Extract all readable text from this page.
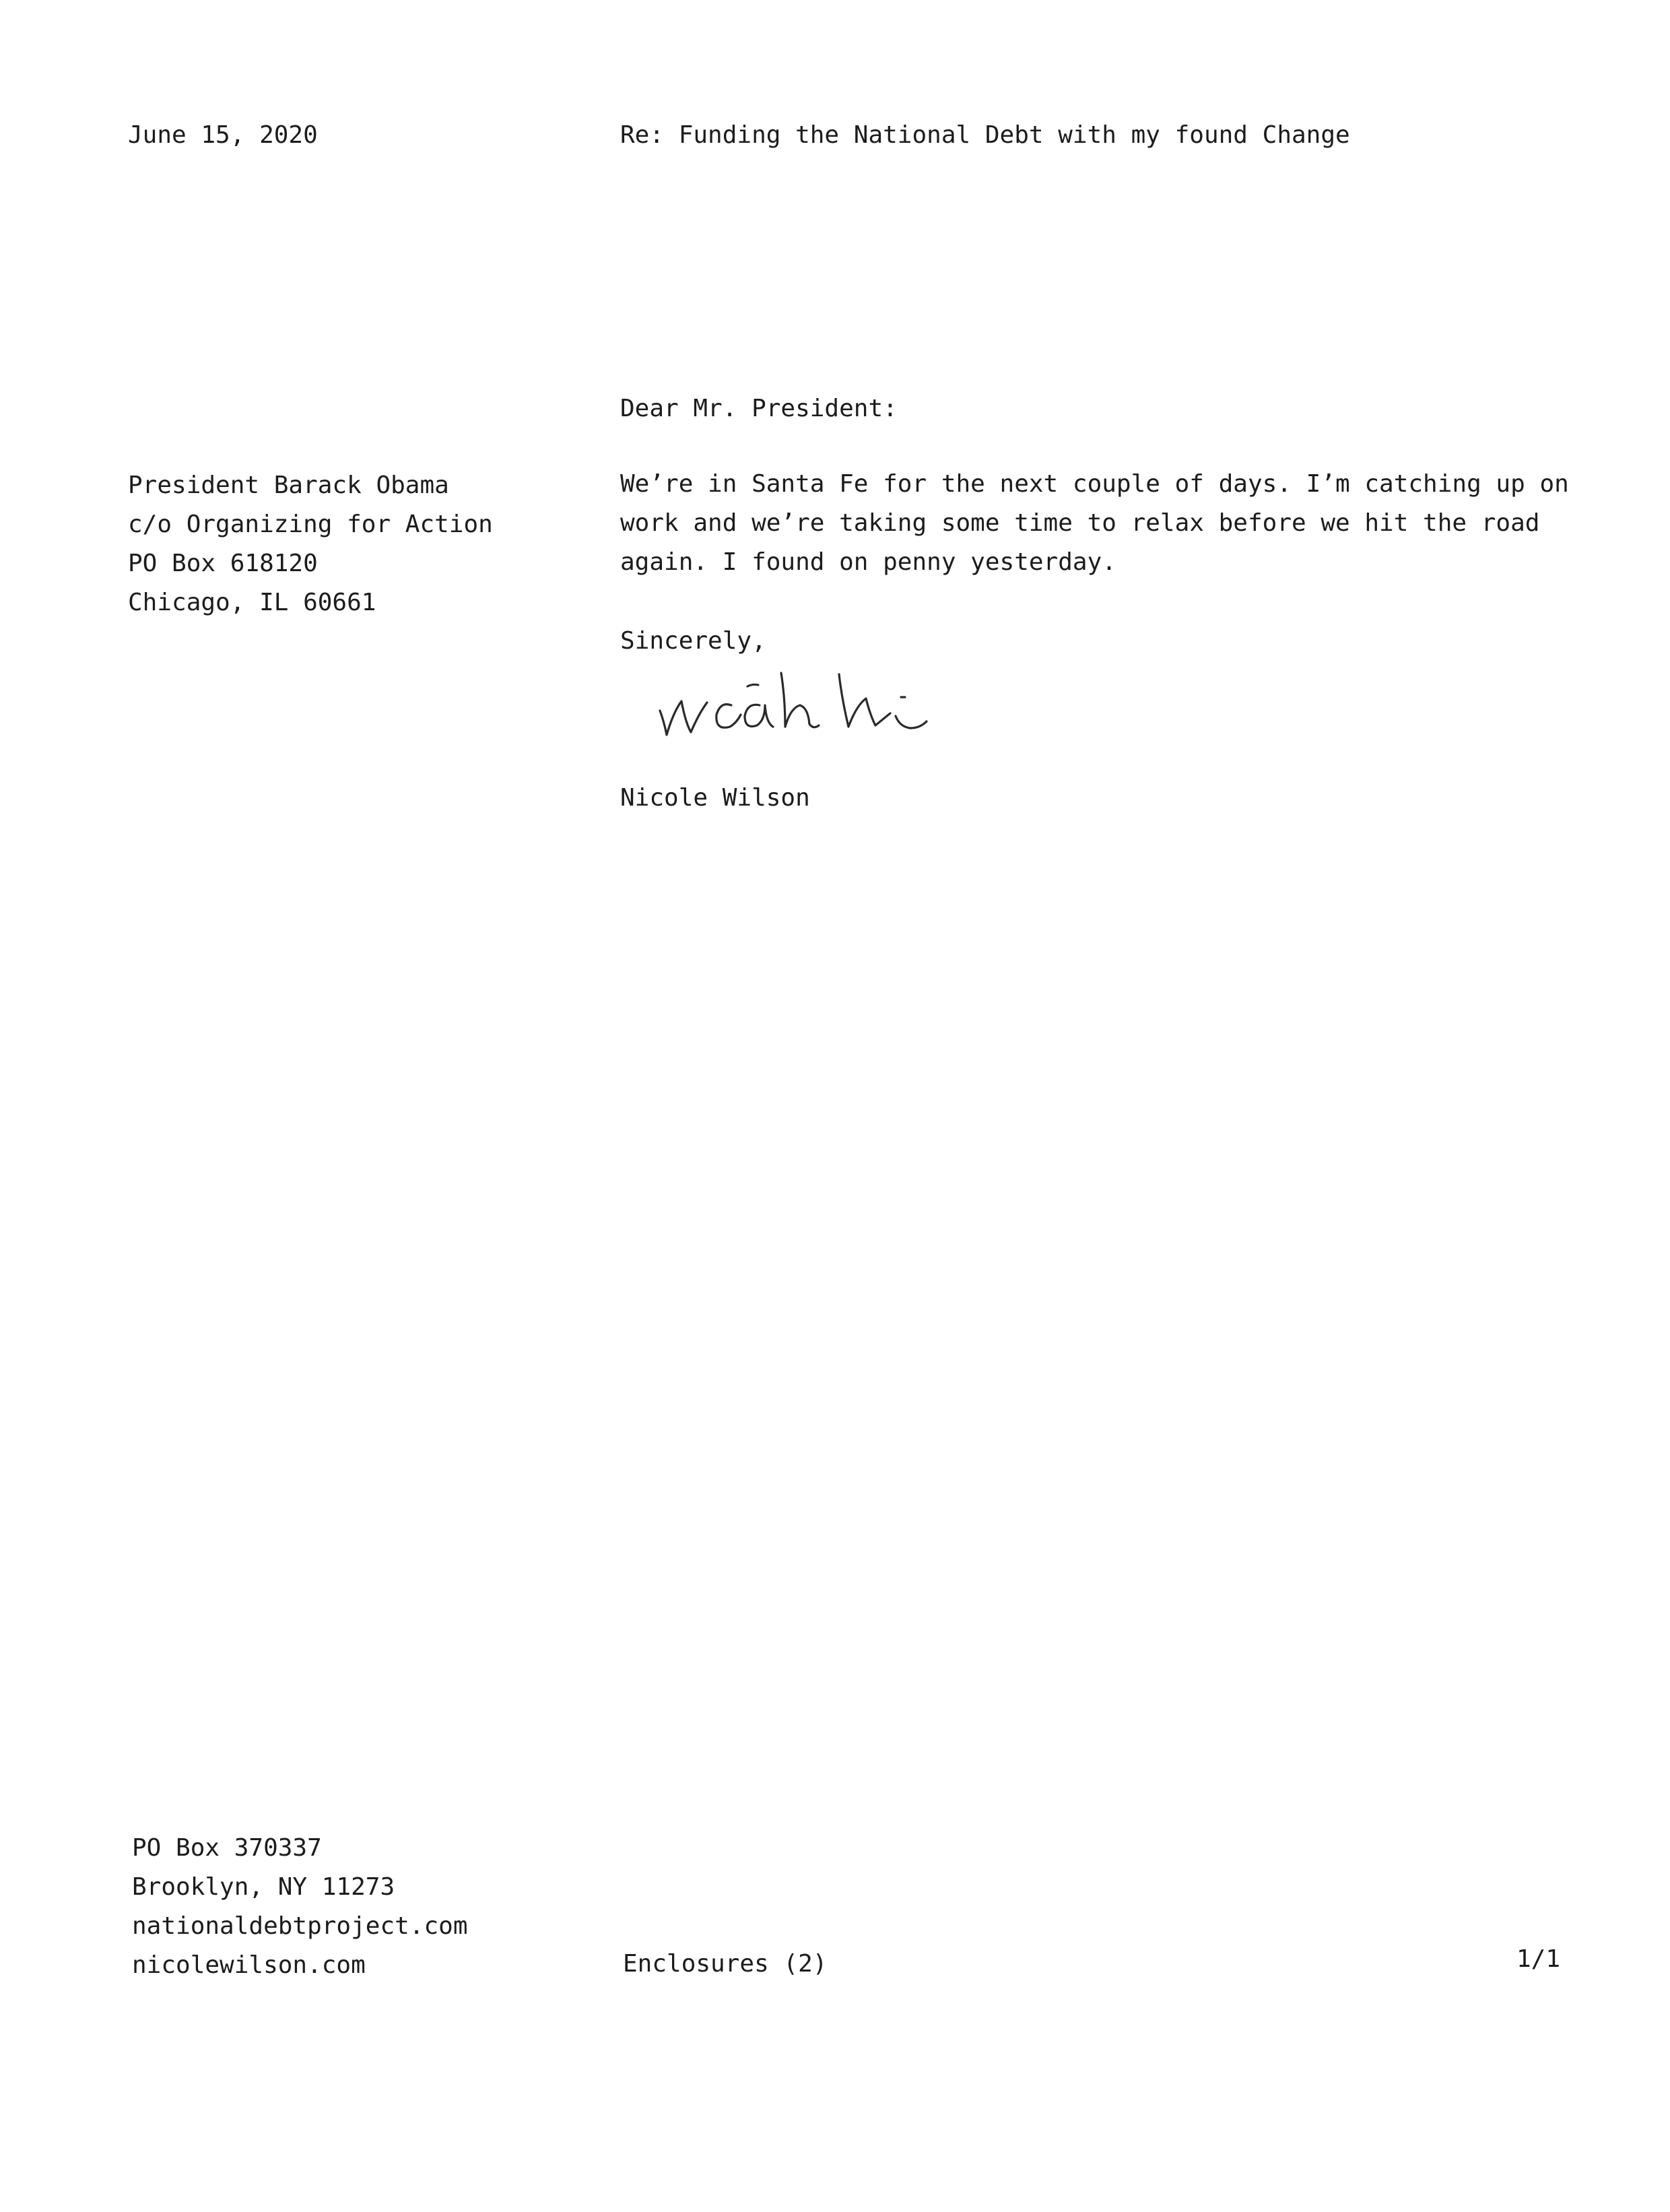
June 15, 2020	Re: Funding the National Debt with my found Change

President Barack Obama
c/o Organizing for Action
PO Box 618120
Chicago, IL 60661

Dear Mr. President:

We’re in Santa Fe for the next couple of days. I’m catching up on
work and we’re taking some time to relax before we hit the road
again. I found on penny yesterday.

Sincerely,

Nicole Wilson

PO Box 370337
Brooklyn, NY 11273
nationaldebtproject.com
nicolewilson.com	Enclosures (2)	1/1
